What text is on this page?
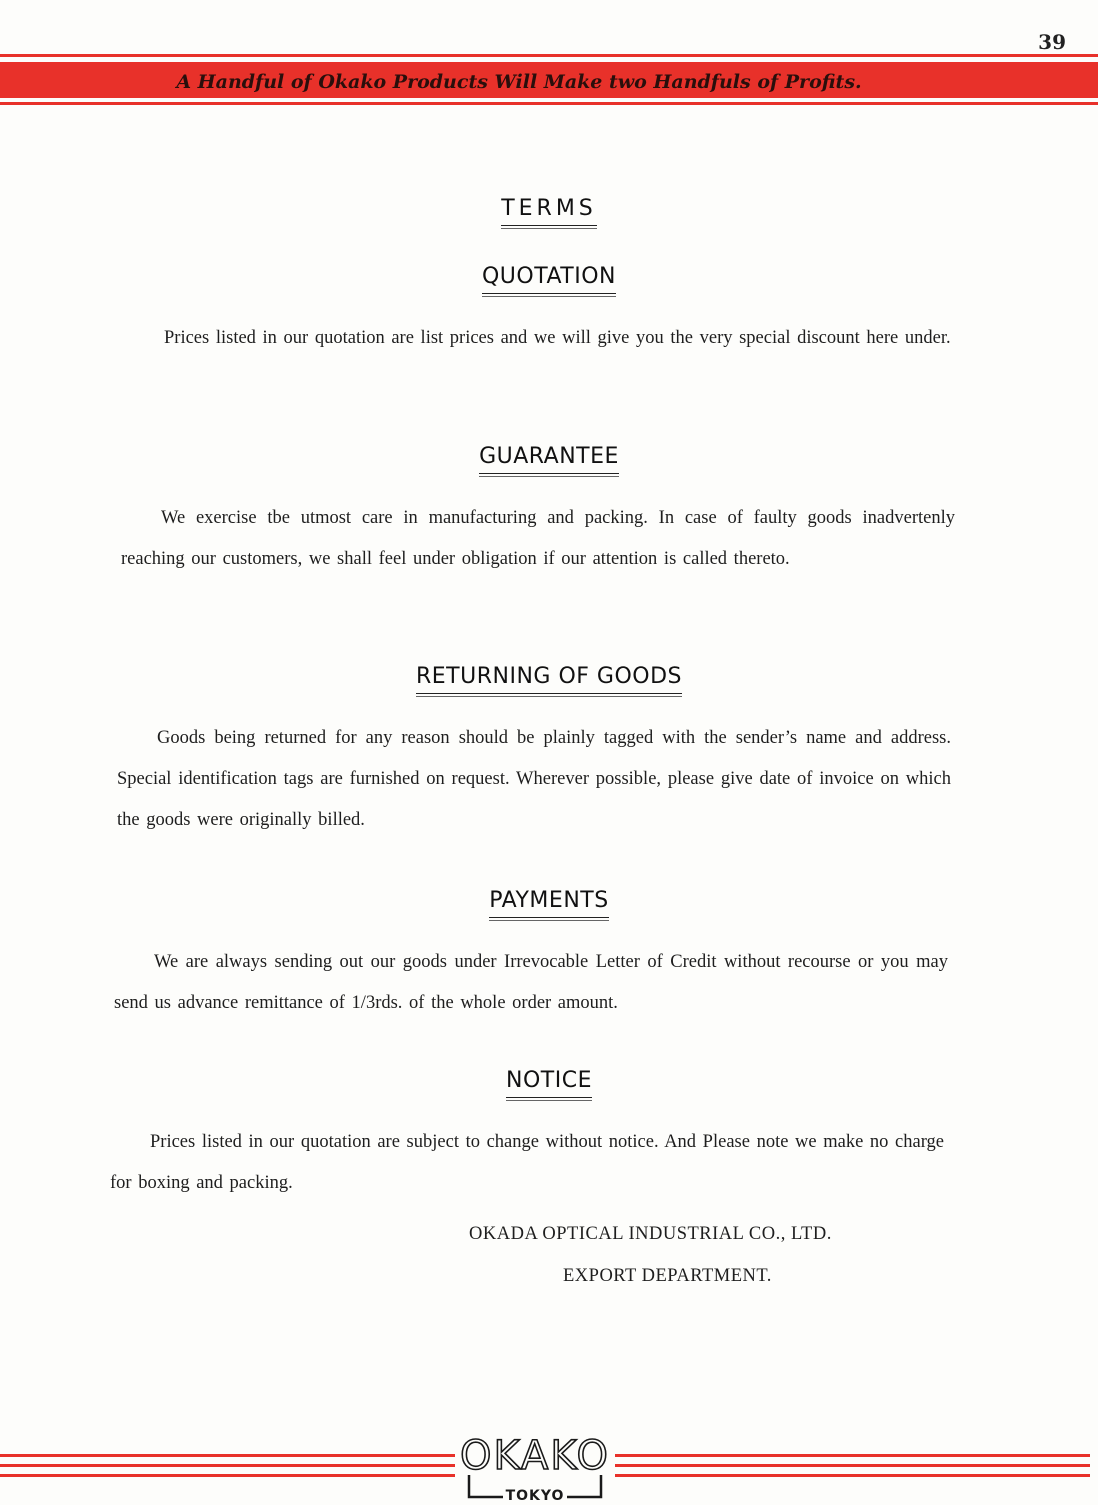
39
A Handful of Okako Products Will Make two Handfuls of Profits.
TERMS
QUOTATION
Prices listed in our quotation are list prices and we will give you the very special discount here under.
GUARANTEE
We exercise tbe utmost care in manufacturing and packing. In case of faulty goods inadvertenly reaching our customers, we shall feel under obligation if our attention is called thereto.
RETURNING OF GOODS
Goods being returned for any reason should be plainly tagged with the sender’s name and address. Special identification tags are furnished on request. Wherever possible, please give date of invoice on which the goods were originally billed.
PAYMENTS
We are always sending out our goods under Irrevocable Letter of Credit without recourse or you may send us advance remittance of 1/3rds. of the whole order amount.
NOTICE
Prices listed in our quotation are subject to change without notice. And Please note we make no charge for boxing and packing.
OKADA OPTICAL INDUSTRIAL CO., LTD.
EXPORT DEPARTMENT.
OKAKO
TOKYO
